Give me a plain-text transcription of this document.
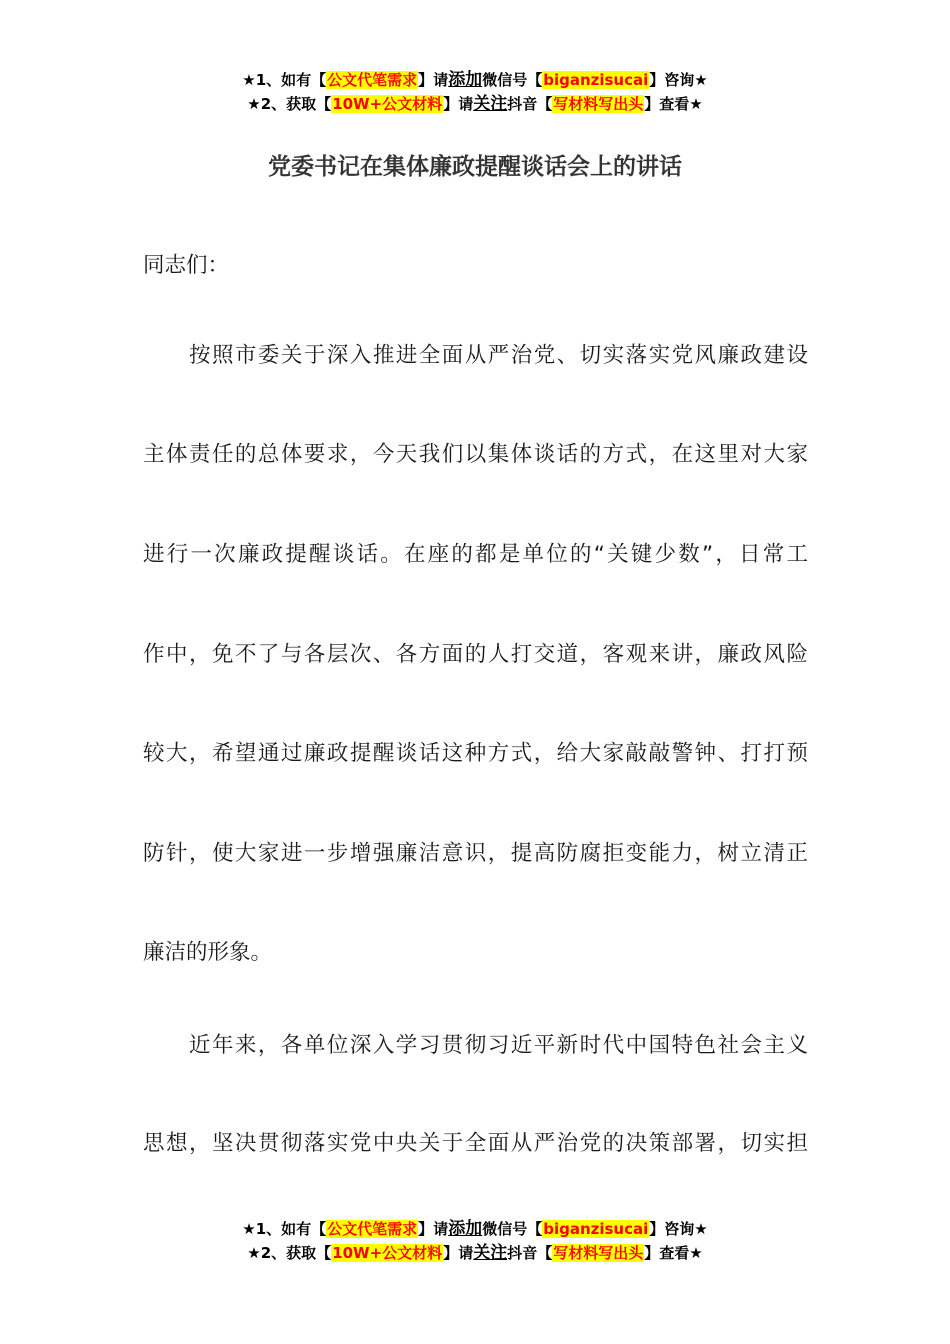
★1、如有【公文代笔需求】请添加微信号【biganzisucai】咨询★
★2、获取【10W+公文材料】请关注抖音【写材料写出头】查看★
党委书记在集体廉政提醒谈话会上的讲话
同志们：
　　按照市委关于深入推进全面从严治党、切实落实党风廉政建设
主体责任的总体要求，今天我们以集体谈话的方式，在这里对大家
进行一次廉政提醒谈话。在座的都是单位的“关键少数”，日常工
作中，免不了与各层次、各方面的人打交道，客观来讲，廉政风险
较大，希望通过廉政提醒谈话这种方式，给大家敲敲警钟、打打预
防针，使大家进一步增强廉洁意识，提高防腐拒变能力，树立清正
廉洁的形象。
　　近年来，各单位深入学习贯彻习近平新时代中国特色社会主义
思想，坚决贯彻落实党中央关于全面从严治党的决策部署，切实担
★1、如有【公文代笔需求】请添加微信号【biganzisucai】咨询★
★2、获取【10W+公文材料】请关注抖音【写材料写出头】查看★
